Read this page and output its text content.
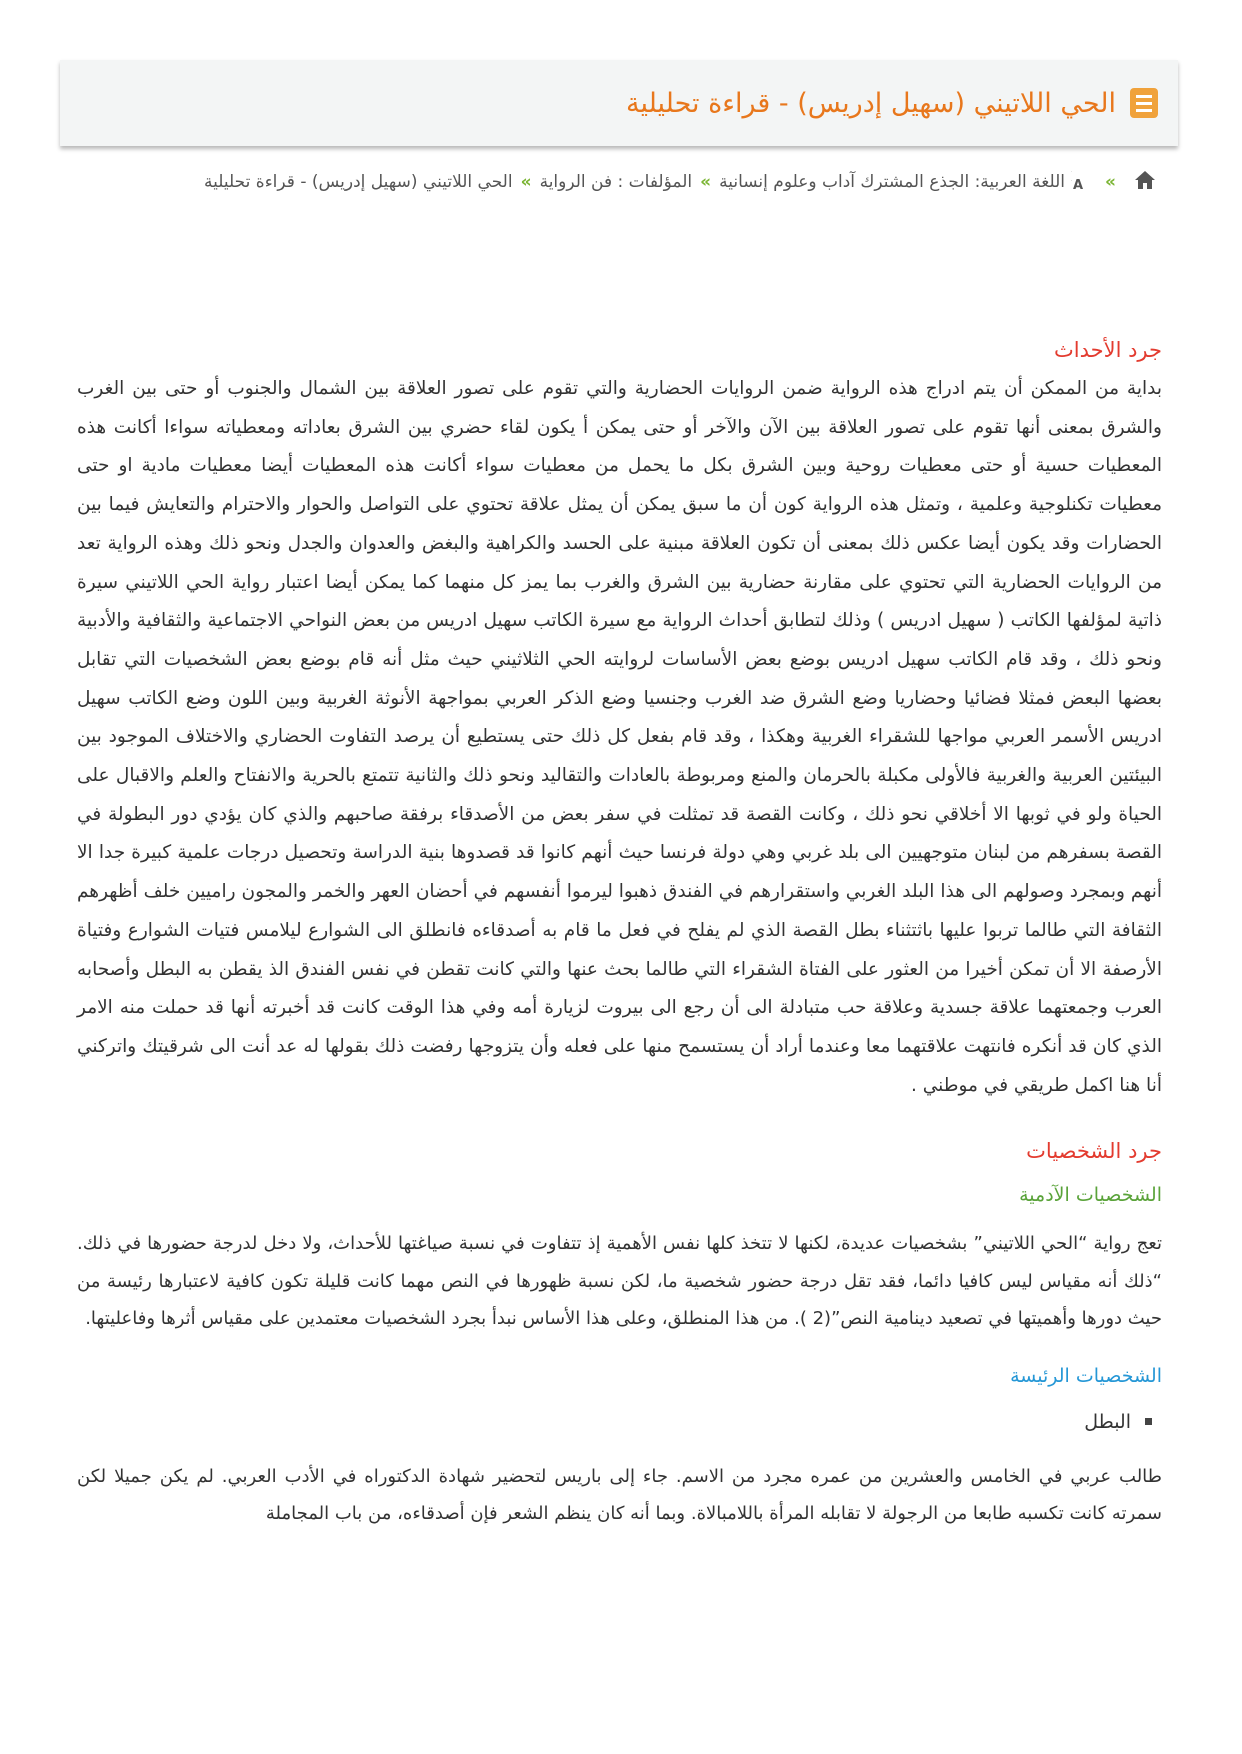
الحي اللاتيني (سهيل إدريس) - قراءة تحليلية
»
A
اللغة العربية: الجذع المشترك آداب وعلوم إنسانية»المؤلفات : فن الرواية»الحي اللاتيني (سهيل إدريس) - قراءة تحليلية
جرد الأحداث

بداية من الممكن أن يتم ادراج هذه الرواية ضمن الروايات الحضارية والتي تقوم على تصور العلاقة بين الشمال والجنوب أو حتى بين الغرب والشرق بمعنى أنها تقوم على تصور العلاقة بين الآن والآخر أو حتى يمكن أ يكون لقاء حضري بين الشرق بعاداته ومعطياته سواءا أكانت هذه المعطيات حسية أو حتى معطيات روحية وبين الشرق بكل ما يحمل من معطيات سواء أكانت هذه المعطيات أيضا معطيات مادية او حتى معطيات تكنلوجية وعلمية ، وتمثل هذه الرواية كون أن ما سبق يمكن أن يمثل علاقة تحتوي على التواصل والحوار والاحترام والتعايش فيما بين الحضارات وقد يكون أيضا عكس ذلك بمعنى أن تكون العلاقة مبنية على الحسد والكراهية والبغض والعدوان والجدل ونحو ذلك وهذه الرواية تعد من الروايات الحضارية التي تحتوي على مقارنة حضارية بين الشرق والغرب بما يمز كل منهما كما يمكن أيضا اعتبار رواية الحي اللاتيني سيرة ذاتية لمؤلفها الكاتب ( سهيل ادريس ) وذلك لتطابق أحداث الرواية مع سيرة الكاتب سهيل ادريس من بعض النواحي الاجتماعية والثقافية والأدبية ونحو ذلك ، وقد قام الكاتب سهيل ادريس بوضع بعض الأساسات لروايته الحي الثلاثيني حيث مثل أنه قام بوضع بعض الشخصيات التي تقابل بعضها البعض فمثلا فضائيا وحضاريا وضع الشرق ضد الغرب وجنسيا وضع الذكر العربي بمواجهة الأنوثة الغربية وبين اللون وضع الكاتب سهيل ادريس الأسمر العربي مواجها للشقراء الغربية وهكذا ، وقد قام بفعل كل ذلك حتى يستطيع أن يرصد التفاوت الحضاري والاختلاف الموجود بين البيئتين العربية والغربية فالأولى مكبلة بالحرمان والمنع ومربوطة بالعادات والتقاليد ونحو ذلك والثانية تتمتع بالحرية والانفتاح والعلم والاقبال على الحياة ولو في ثوبها الا أخلاقي نحو ذلك ، وكانت القصة قد تمثلت في سفر بعض من الأصدقاء برفقة صاحبهم والذي كان يؤدي دور البطولة في القصة بسفرهم من لبنان متوجهيين الى بلد غربي وهي دولة فرنسا حيث أنهم كانوا قد قصدوها بنية الدراسة وتحصيل درجات علمية كبيرة جدا الا أنهم وبمجرد وصولهم الى هذا البلد الغربي واستقرارهم في الفندق ذهبوا ليرموا أنفسهم في أحضان العهر والخمر والمجون راميين خلف أظهرهم الثقافة التي طالما تربوا عليها باثتثناء بطل القصة الذي لم يفلح في فعل ما قام به أصدقاءه فانطلق الى الشوارع ليلامس فتيات الشوارع وفتياة الأرصفة الا أن تمكن أخيرا من العثور على الفتاة الشقراء التي طالما بحث عنها والتي كانت تقطن في نفس الفندق الذ يقطن به البطل وأصحابه العرب وجمعتهما علاقة جسدية وعلاقة حب متبادلة الى أن رجع الى بيروت لزيارة أمه وفي هذا الوقت كانت قد أخبرته أنها قد حملت منه الامر الذي كان قد أنكره فانتهت علاقتهما معا وعندما أراد أن يستسمح منها على فعله وأن يتزوجها رفضت ذلك بقولها له عد أنت الى شرقيتك واتركني أنا هنا اكمل طريقي في موطني .

جرد الشخصيات
الشخصيات الآدمية

تعج رواية “الحي اللاتيني” بشخصيات عديدة، لكنها لا تتخذ كلها نفس الأهمية إذ تتفاوت في نسبة صياغتها للأحداث، ولا دخل لدرجة حضورها في ذلك. “ذلك أنه مقياس ليس كافيا دائما، فقد تقل درجة حضور شخصية ما، لكن نسبة ظهورها في النص مهما كانت قليلة تكون كافية لاعتبارها رئيسة من حيث دورها وأهميتها في تصعيد دينامية النص”(2 ). من هذا المنطلق، وعلى هذا الأساس نبدأ بجرد الشخصيات معتمدين على مقياس أثرها وفاعليتها.

الشخصيات الرئيسة
البطل

طالب عربي في الخامس والعشرين من عمره مجرد من الاسم. جاء إلى باريس لتحضير شهادة الدكتوراه في الأدب العربي. لم يكن جميلا لكن سمرته كانت تكسبه طابعا من الرجولة لا تقابله المرأة باللامبالاة. وبما أنه كان ينظم الشعر فإن أصدقاءه، من باب المجاملة
